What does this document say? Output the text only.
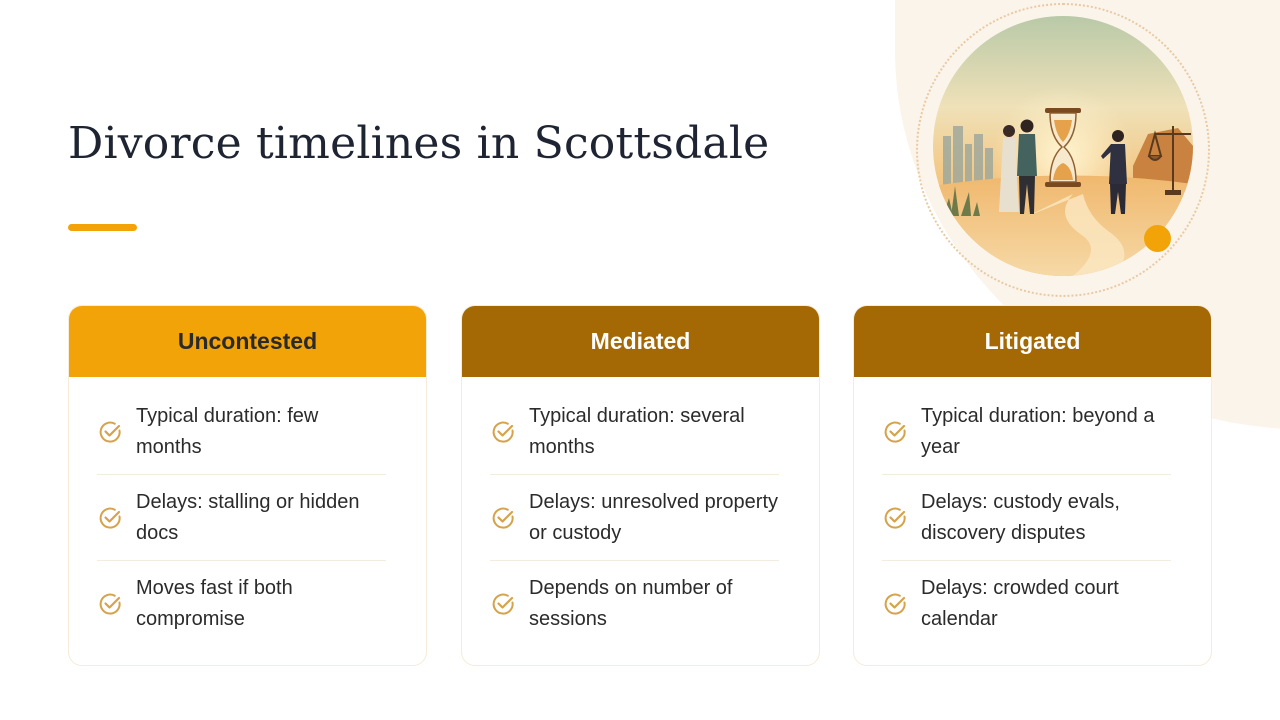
Divorce timelines in Scottsdale
Uncontested
Typical duration: few months
Delays: stalling or hidden docs
Moves fast if both compromise
Mediated
Typical duration: several months
Delays: unresolved property or custody
Depends on number of sessions
Litigated
Typical duration: beyond a year
Delays: custody evals, discovery disputes
Delays: crowded court calendar
